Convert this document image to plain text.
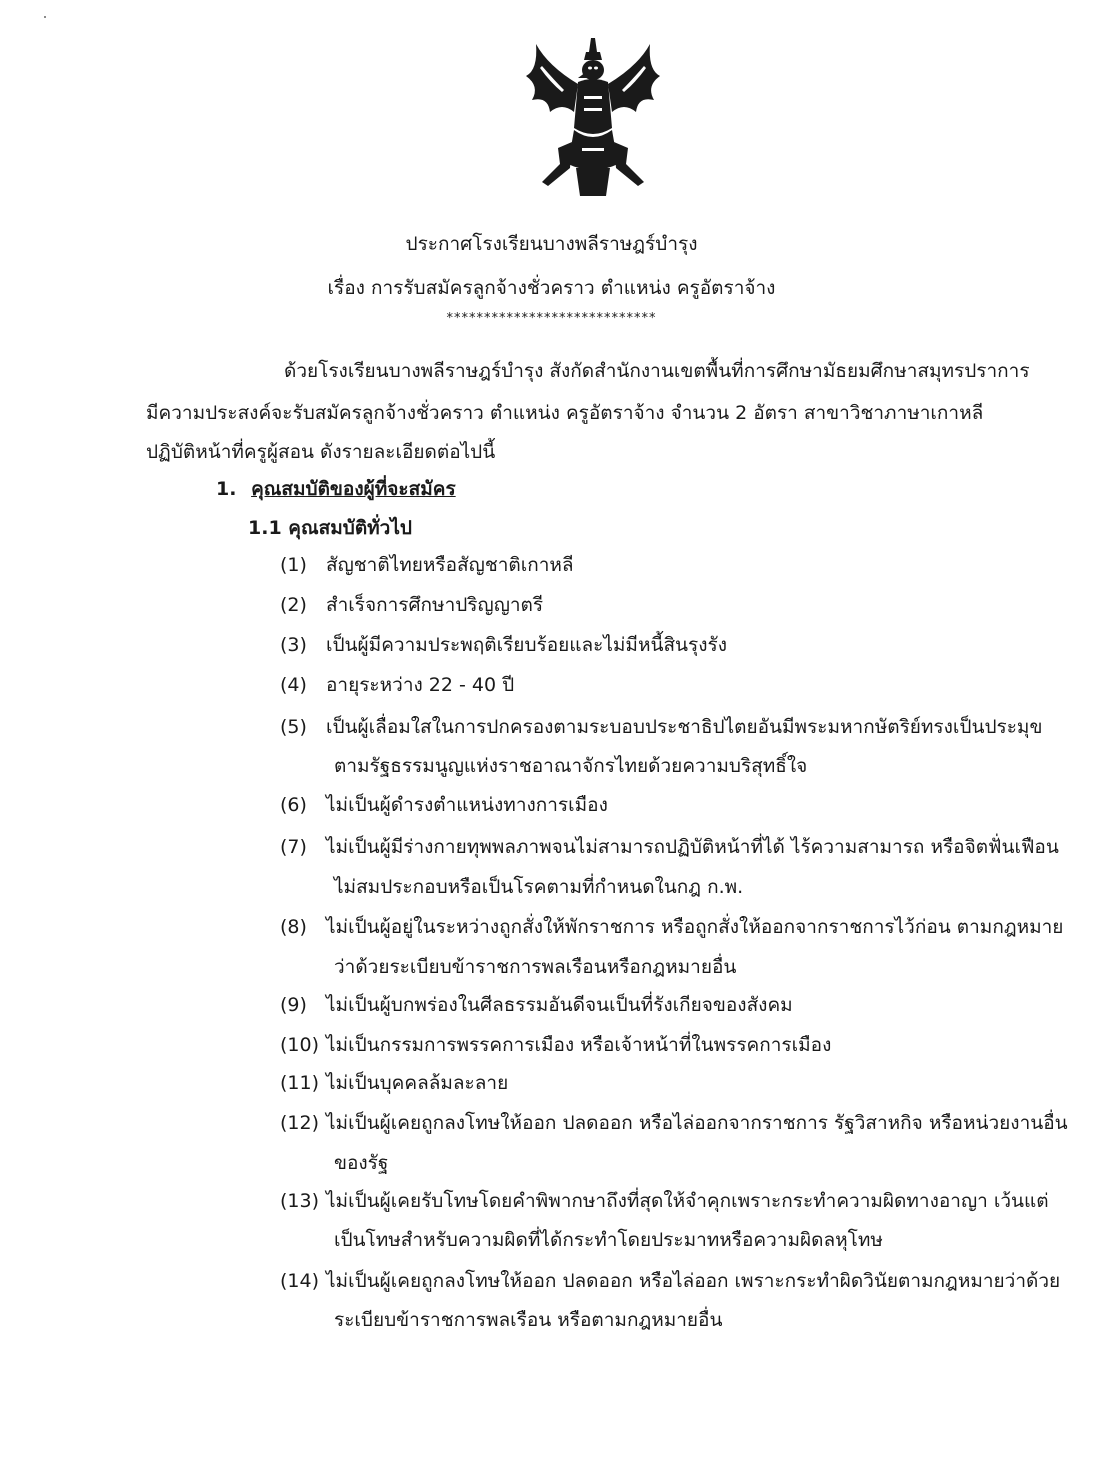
ประกาศโรงเรียนบางพลีราษฎร์บำรุง
เรื่อง การรับสมัครลูกจ้างชั่วคราว ตำแหน่ง ครูอัตราจ้าง
****************************
ด้วยโรงเรียนบางพลีราษฎร์บำรุง สังกัดสำนักงานเขตพื้นที่การศึกษามัธยมศึกษาสมุทรปราการ
มีความประสงค์จะรับสมัครลูกจ้างชั่วคราว ตำแหน่ง ครูอัตราจ้าง จำนวน 2 อัตรา สาขาวิชาภาษาเกาหลี
ปฏิบัติหน้าที่ครูผู้สอน ดังรายละเอียดต่อไปนี้
1. คุณสมบัติของผู้ที่จะสมัคร
1.1 คุณสมบัติทั่วไป
(1) สัญชาติไทยหรือสัญชาติเกาหลี
(2) สำเร็จการศึกษาปริญญาตรี
(3) เป็นผู้มีความประพฤติเรียบร้อยและไม่มีหนี้สินรุงรัง
(4) อายุระหว่าง 22 - 40 ปี
(5) เป็นผู้เลื่อมใสในการปกครองตามระบอบประชาธิปไตยอันมีพระมหากษัตริย์ทรงเป็นประมุข
ตามรัฐธรรมนูญแห่งราชอาณาจักรไทยด้วยความบริสุทธิ์ใจ
(6) ไม่เป็นผู้ดำรงตำแหน่งทางการเมือง
(7) ไม่เป็นผู้มีร่างกายทุพพลภาพจนไม่สามารถปฏิบัติหน้าที่ได้ ไร้ความสามารถ หรือจิตฟั่นเฟือน
ไม่สมประกอบหรือเป็นโรคตามที่กำหนดในกฎ ก.พ.
(8) ไม่เป็นผู้อยู่ในระหว่างถูกสั่งให้พักราชการ หรือถูกสั่งให้ออกจากราชการไว้ก่อน ตามกฎหมาย
ว่าด้วยระเบียบข้าราชการพลเรือนหรือกฎหมายอื่น
(9) ไม่เป็นผู้บกพร่องในศีลธรรมอันดีจนเป็นที่รังเกียจของสังคม
(10) ไม่เป็นกรรมการพรรคการเมือง หรือเจ้าหน้าที่ในพรรคการเมือง
(11) ไม่เป็นบุคคลล้มละลาย
(12) ไม่เป็นผู้เคยถูกลงโทษให้ออก ปลดออก หรือไล่ออกจากราชการ รัฐวิสาหกิจ หรือหน่วยงานอื่น
ของรัฐ
(13) ไม่เป็นผู้เคยรับโทษโดยคำพิพากษาถึงที่สุดให้จำคุกเพราะกระทำความผิดทางอาญา เว้นแต่
เป็นโทษสำหรับความผิดที่ได้กระทำโดยประมาทหรือความผิดลหุโทษ
(14) ไม่เป็นผู้เคยถูกลงโทษให้ออก ปลดออก หรือไล่ออก เพราะกระทำผิดวินัยตามกฎหมายว่าด้วย
ระเบียบข้าราชการพลเรือน หรือตามกฎหมายอื่น
